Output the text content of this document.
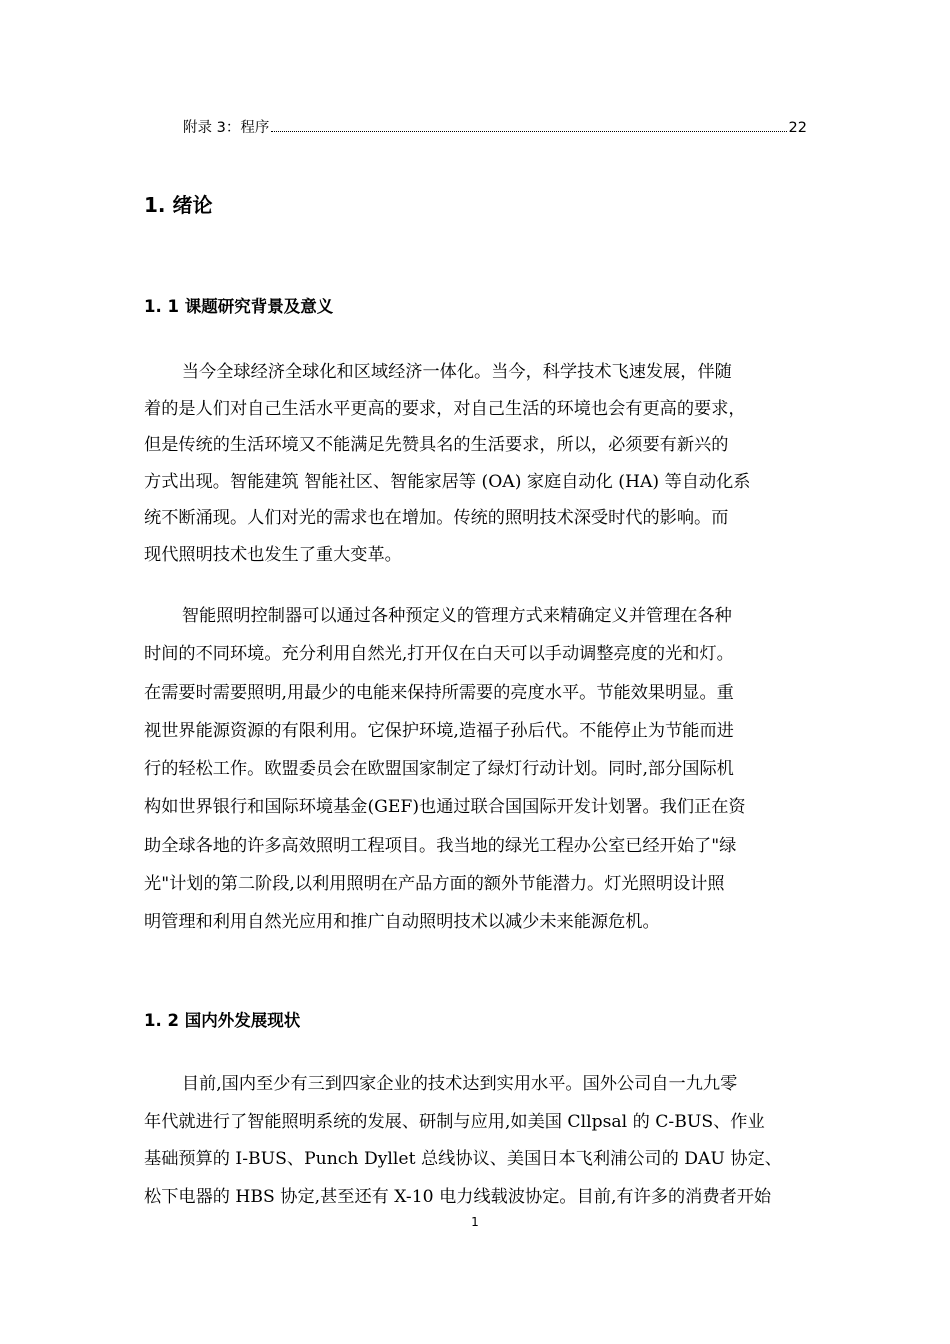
附录 3：程序	22
1. 绪论
1. 1 课题研究背景及意义

当今全球经济全球化和区域经济一体化。当今，科学技术飞速发展，伴随
着的是人们对自己生活水平更高的要求，对自己生活的环境也会有更高的要求，
但是传统的生活环境又不能满足先赞具名的生活要求，所以，必须要有新兴的
方式出现。智能建筑 智能社区、智能家居等 (OA) 家庭自动化 (HA) 等自动化系
统不断涌现。人们对光的需求也在增加。传统的照明技术深受时代的影响。而
现代照明技术也发生了重大变革。

智能照明控制器可以通过各种预定义的管理方式来精确定义并管理在各种
时间的不同环境。充分利用自然光,打开仅在白天可以手动调整亮度的光和灯。
在需要时需要照明,用最少的电能来保持所需要的亮度水平。节能效果明显。重
视世界能源资源的有限利用。它保护环境,造福子孙后代。不能停止为节能而进
行的轻松工作。欧盟委员会在欧盟国家制定了绿灯行动计划。同时,部分国际机
构如世界银行和国际环境基金(GEF)也通过联合国国际开发计划署。我们正在资
助全球各地的许多高效照明工程项目。我当地的绿光工程办公室已经开始了"绿
光"计划的第二阶段,以利用照明在产品方面的额外节能潜力。灯光照明设计照
明管理和利用自然光应用和推广自动照明技术以减少未来能源危机。

1. 2 国内外发展现状

目前,国内至少有三到四家企业的技术达到实用水平。国外公司自一九九零
年代就进行了智能照明系统的发展、研制与应用,如美国 Cllpsal 的 C-BUS、作业
基础预算的 I-BUS、Punch Dyllet 总线协议、美国日本飞利浦公司的 DAU 协定、
松下电器的 HBS 协定,甚至还有 X-10 电力线载波协定。目前,有许多的消费者开始

1
